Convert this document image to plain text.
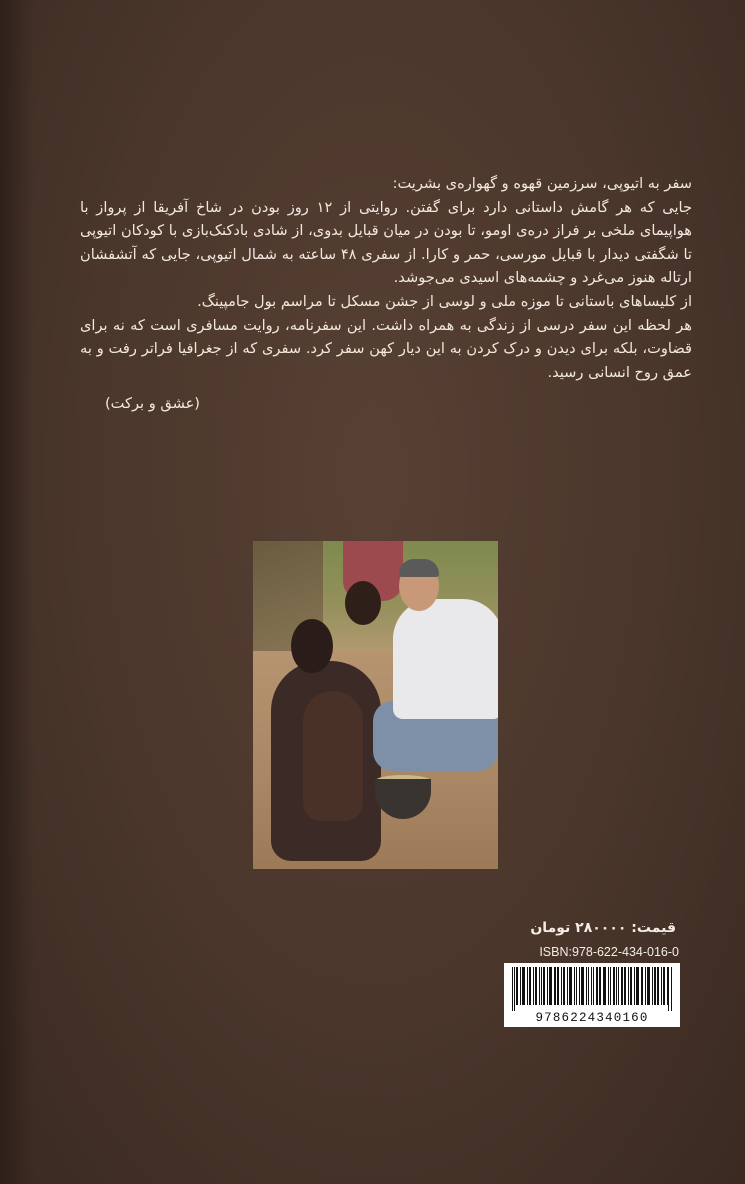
سفر به اتیوپی، سرزمین قهوه و گهواره‌ی بشریت:

جایی که هر گامش داستانی دارد برای گفتن. روایتی از ۱۲ روز بودن در شاخ آفریقا از پرواز با هواپیمای ملخی بر فراز دره‌ی اومو، تا بودن در میان قبایل بدوی، از شادی بادکنک‌بازی با کودکان اتیوپی تا شگفتی دیدار با قبایل مورسی، حمر و کارا. از سفری ۴۸ ساعته به شمال اتیوپی، جایی که آتشفشان ارتاله هنوز می‌غرد و چشمه‌های اسیدی می‌جوشد.

از کلیساهای باستانی تا موزه ملی و لوسی از جشن مسکل تا مراسم بول جامپینگ.

هر لحظه این سفر درسی از زندگی به همراه داشت. این سفرنامه، روایت مسافری است که نه برای قضاوت، بلکه برای دیدن و درک کردن به این دیار کهن سفر کرد. سفری که از جغرافیا فراتر رفت و به عمق روح انسانی رسید.

(عشق و برکت)

قیمت: ۲۸۰۰۰۰ تومان
ISBN:978-622-434-016-0
9786224340160
